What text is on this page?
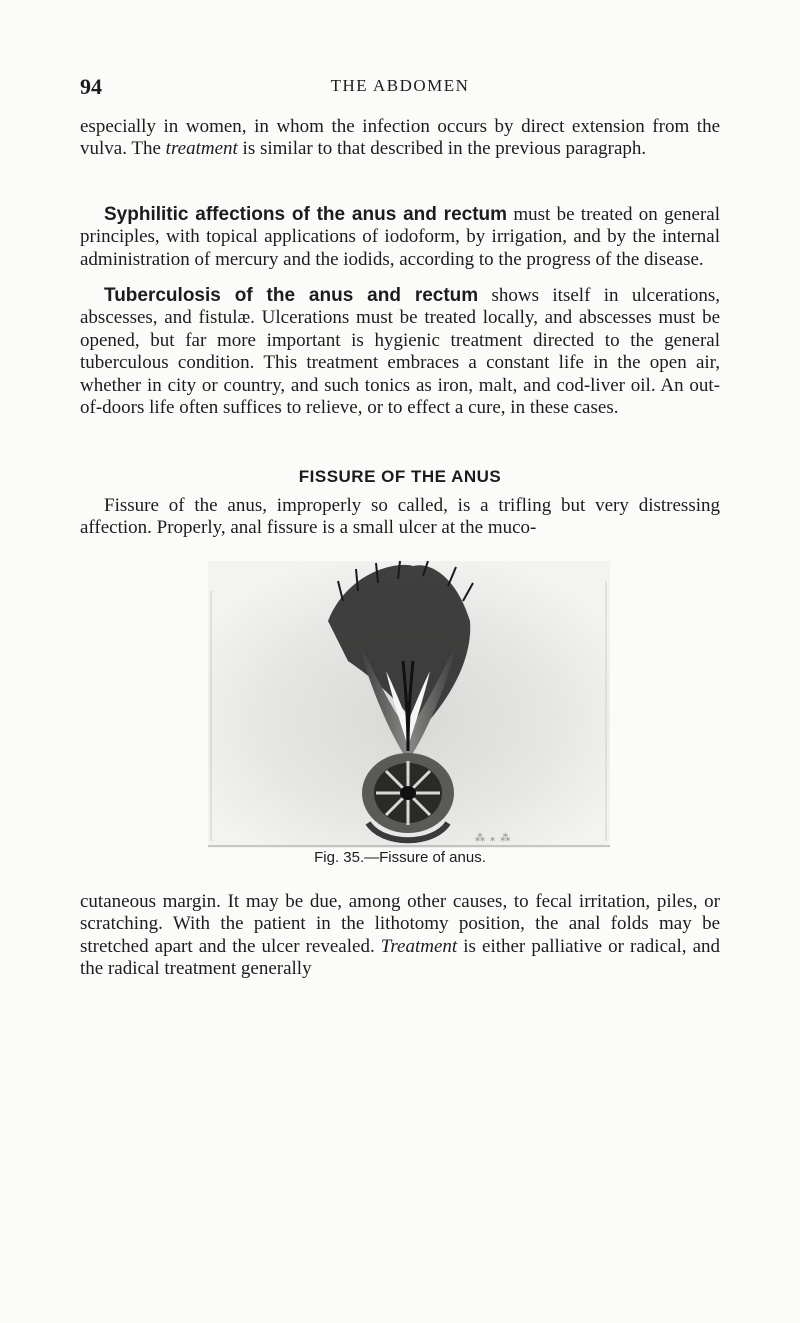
94	THE ABDOMEN

especially in women, in whom the infection occurs by direct extension from the vulva. The treatment is similar to that described in the previous paragraph.

Syphilitic affections of the anus and rectum must be treated on general principles, with topical applications of iodoform, by irrigation, and by the internal administration of mercury and the iodids, according to the progress of the disease.

Tuberculosis of the anus and rectum shows itself in ulcerations, abscesses, and fistulæ. Ulcerations must be treated locally, and abscesses must be opened, but far more important is hygienic treatment directed to the general tuberculous condition. This treatment embraces a constant life in the open air, whether in city or country, and such tonics as iron, malt, and cod-liver oil. An out-of-doors life often suffices to relieve, or to effect a cure, in these cases.

FISSURE OF THE ANUS

Fissure of the anus, improperly so called, is a trifling but very distressing affection. Properly, anal fissure is a small ulcer at the muco-

⁂ ⁎ ⁂

Fig. 35.—Fissure of anus.

cutaneous margin. It may be due, among other causes, to fecal irritation, piles, or scratching. With the patient in the lithotomy position, the anal folds may be stretched apart and the ulcer revealed. Treatment is either palliative or radical, and the radical treatment generally
